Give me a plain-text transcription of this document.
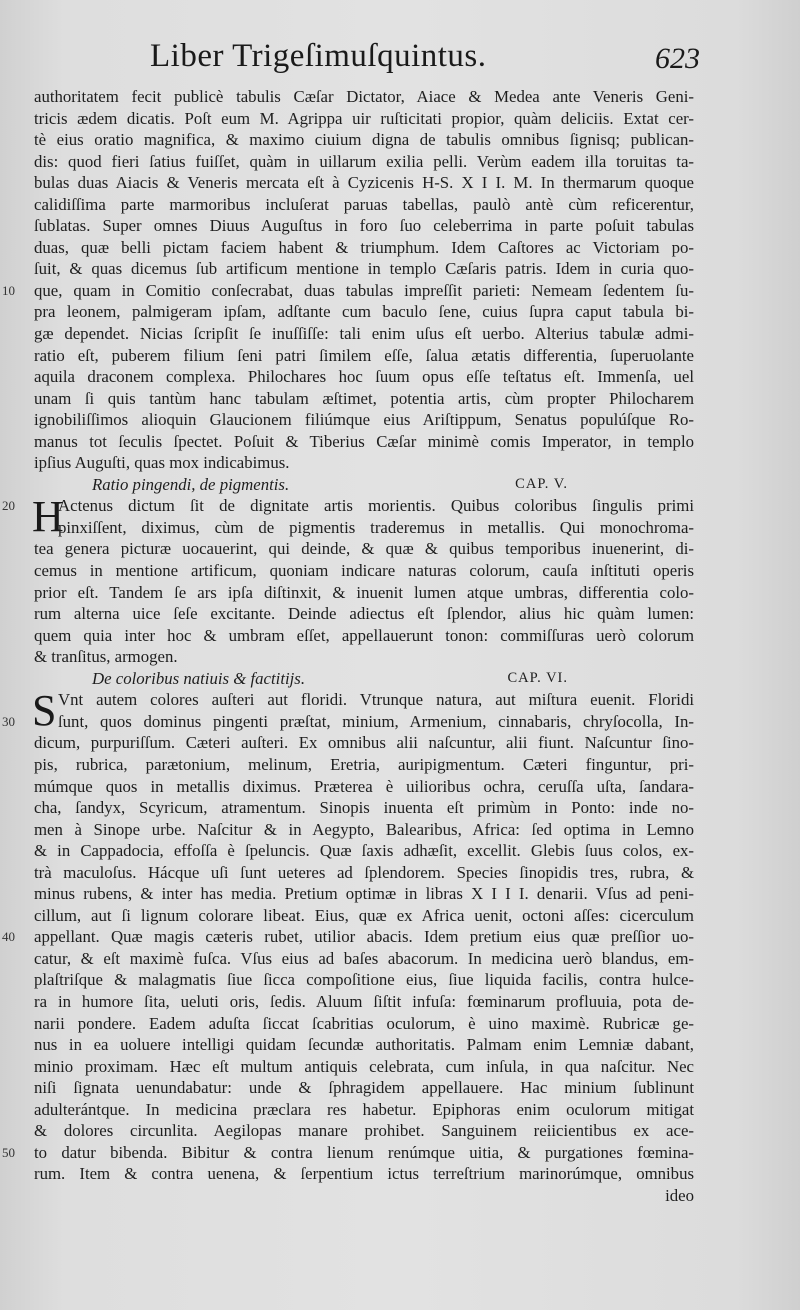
Liber Trigeſimuſquintus.	623
authoritatem fecit publicè tabulis Cæſar Dictator, Aiace & Medea ante Veneris Geni-
tricis ædem dicatis. Poſt eum M. Agrippa uir ruſticitati propior, quàm deliciis. Extat cer-
tè eius oratio magnifica, & maximo ciuium digna de tabulis omnibus ſignisq; publican-
dis: quod fieri ſatius fuiſſet, quàm in uillarum exilia pelli. Verùm eadem illa toruitas ta-
bulas duas Aiacis & Veneris mercata eſt à Cyzicenis H-S. X I I. M. In thermarum quoque
calidiſſima parte marmoribus incluſerat paruas tabellas, paulò antè cùm reficerentur,
ſublatas. Super omnes Diuus Auguſtus in foro ſuo celeberrima in parte poſuit tabulas
duas, quæ belli pictam faciem habent & triumphum. Idem Caſtores ac Victoriam po-
ſuit, & quas dicemus ſub artificum mentione in templo Cæſaris patris. Idem in curia quo-
que, quam in Comitio conſecrabat, duas tabulas impreſſit parieti: Nemeam ſedentem ſu-
10
pra leonem, palmigeram ipſam, adſtante cum baculo ſene, cuius ſupra caput tabula bi-
gæ dependet. Nicias ſcripſit ſe inuſſiſſe: tali enim uſus eſt uerbo. Alterius tabulæ admi-
ratio eſt, puberem filium ſeni patri ſimilem eſſe, ſalua ætatis differentia, ſuperuolante
aquila draconem complexa. Philochares hoc ſuum opus eſſe teſtatus eſt. Immenſa, uel
unam ſi quis tantùm hanc tabulam æſtimet, potentia artis, cùm propter Philocharem
ignobiliſſimos alioquin Glaucionem filiúmque eius Ariſtippum, Senatus populúſque Ro-
manus tot ſeculis ſpectet. Poſuit & Tiberius Cæſar minimè comis Imperator, in templo
ipſius Auguſti, quas mox indicabimus.
Ratio pingendi, de pigmentis.	CAP. V.
Actenus dictum ſit de dignitate artis morientis. Quibus coloribus ſingulis primi
H
20
pinxiſſent, diximus, cùm de pigmentis traderemus in metallis. Qui monochroma-
tea genera picturæ uocauerint, qui deinde, & quæ & quibus temporibus inuenerint, di-
cemus in mentione artificum, quoniam indicare naturas colorum, cauſa inſtituti operis
prior eſt. Tandem ſe ars ipſa diſtinxit, & inuenit lumen atque umbras, differentia colo-
rum alterna uice ſeſe excitante. Deinde adiectus eſt ſplendor, alius hic quàm lumen:
quem quia inter hoc & umbram eſſet, appellauerunt tonon: commiſſuras uerò colorum
& tranſitus, armogen.
De coloribus natiuis & factitijs.	CAP. VI.
Vnt autem colores auſteri aut floridi. Vtrunque natura, aut miſtura euenit. Floridi
S ſunt, quos dominus pingenti præſtat, minium, Armenium, cinnabaris, chryſocolla, In-
30
dicum, purpuriſſum. Cæteri auſteri. Ex omnibus alii naſcuntur, alii fiunt. Naſcuntur ſino-
pis, rubrica, parætonium, melinum, Eretria, auripigmentum. Cæteri finguntur, pri-
múmque quos in metallis diximus. Præterea è uilioribus ochra, ceruſſa uſta, ſandara-
cha, ſandyx, Scyricum, atramentum. Sinopis inuenta eſt primùm in Ponto: inde no-
men à Sinope urbe. Naſcitur & in Aegypto, Balearibus, Africa: ſed optima in Lemno
& in Cappadocia, effoſſa è ſpeluncis. Quæ ſaxis adhæſit, excellit. Glebis ſuus colos, ex-
trà maculoſus. Hácque uſi ſunt ueteres ad ſplendorem. Species ſinopidis tres, rubra, &
minus rubens, & inter has media. Pretium optimæ in libras X I I I. denarii. Vſus ad peni-
cillum, aut ſi lignum colorare libeat. Eius, quæ ex Africa uenit, octoni aſſes: cicerculum
appellant. Quæ magis cæteris rubet, utilior abacis. Idem pretium eius quæ preſſior uo-
40
catur, & eſt maximè fuſca. Vſus eius ad baſes abacorum. In medicina uerò blandus, em-
plaſtriſque & malagmatis ſiue ſicca compoſitione eius, ſiue liquida facilis, contra hulce-
ra in humore ſita, ueluti oris, ſedis. Aluum ſiſtit infuſa: fœminarum profluuia, pota de-
narii pondere. Eadem aduſta ſiccat ſcabritias oculorum, è uino maximè. Rubricæ ge-
nus in ea uoluere intelligi quidam ſecundæ authoritatis. Palmam enim Lemniæ dabant,
minio proximam. Hæc eſt multum antiquis celebrata, cum inſula, in qua naſcitur. Nec
niſi ſignata uenundabatur: unde & ſphragidem appellauere. Hac minium ſublinunt
adulterántque. In medicina præclara res habetur. Epiphoras enim oculorum mitigat
& dolores circunlita. Aegilopas manare prohibet. Sanguinem reiicientibus ex ace-
to datur bibenda. Bibitur & contra lienum renúmque uitia, & purgationes fœmina-
50
rum. Item & contra uenena, & ſerpentium ictus terreſtrium marinorúmque, omnibus
ideo
